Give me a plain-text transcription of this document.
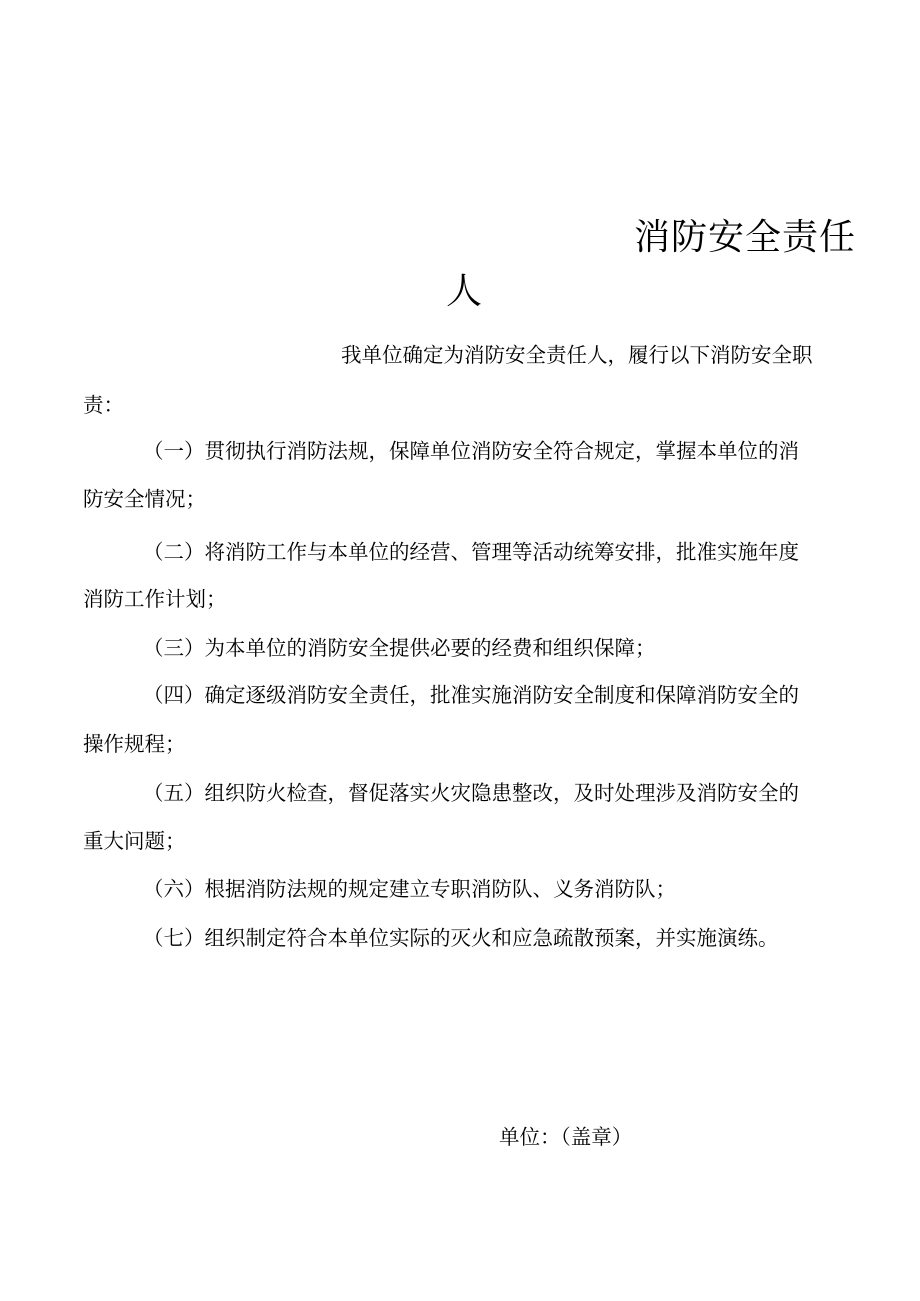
消防安全责任
人
我单位确定为消防安全责任人，履行以下消防安全职
责：
（一）贯彻执行消防法规，保障单位消防安全符合规定，掌握本单位的消
防安全情况；
（二）将消防工作与本单位的经营、管理等活动统筹安排，批准实施年度
消防工作计划；
（三）为本单位的消防安全提供必要的经费和组织保障；
（四）确定逐级消防安全责任，批准实施消防安全制度和保障消防安全的
操作规程；
（五）组织防火检查，督促落实火灾隐患整改，及时处理涉及消防安全的
重大问题；
（六）根据消防法规的规定建立专职消防队、义务消防队；
（七）组织制定符合本单位实际的灭火和应急疏散预案，并实施演练。
单位：（盖章）
